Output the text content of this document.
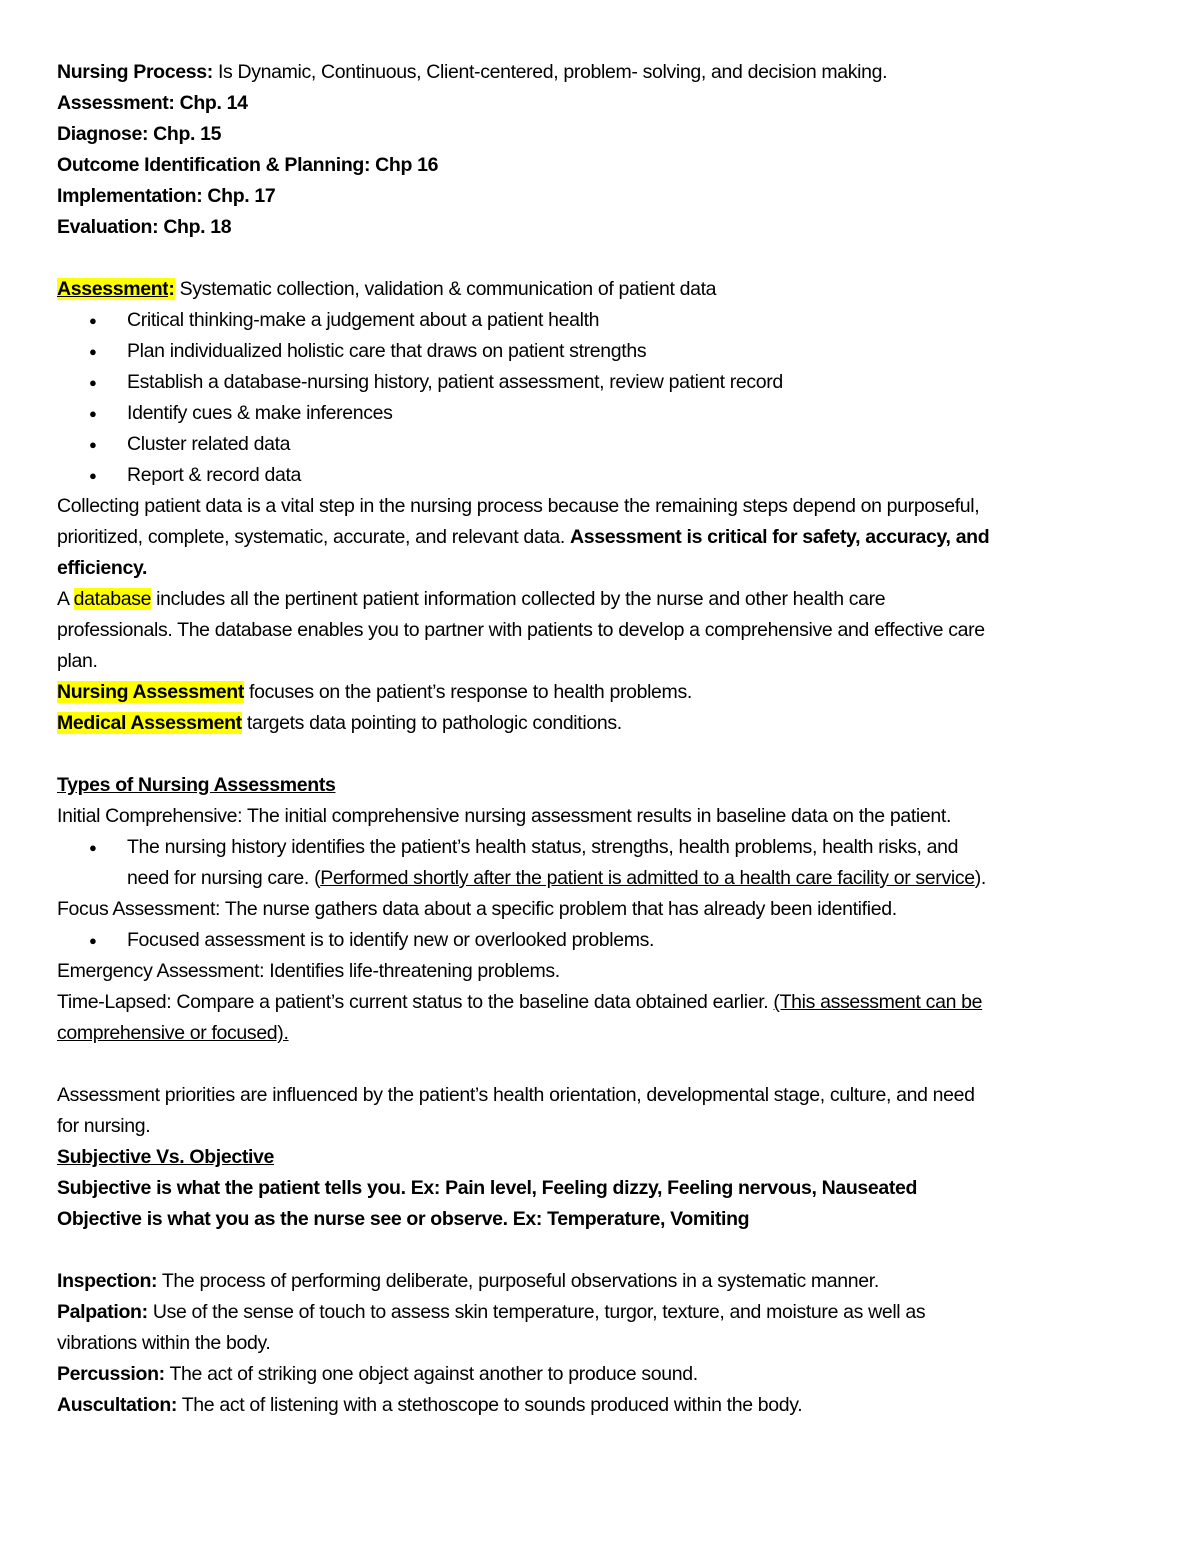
Nursing Process: Is Dynamic, Continuous, Client-centered, problem- solving, and decision making.
Assessment: Chp. 14
Diagnose: Chp. 15
Outcome Identification & Planning: Chp 16
Implementation: Chp. 17
Evaluation: Chp. 18
Assessment: Systematic collection, validation & communication of patient data
● Critical thinking-make a judgement about a patient health
● Plan individualized holistic care that draws on patient strengths
● Establish a database-nursing history, patient assessment, review patient record
● Identify cues & make inferences
● Cluster related data
● Report & record data
Collecting patient data is a vital step in the nursing process because the remaining steps depend on purposeful,
prioritized, complete, systematic, accurate, and relevant data. Assessment is critical for safety, accuracy, and
efficiency.
A database includes all the pertinent patient information collected by the nurse and other health care
professionals. The database enables you to partner with patients to develop a comprehensive and effective care
plan.
Nursing Assessment focuses on the patient’s response to health problems.
Medical Assessment targets data pointing to pathologic conditions.
Types of Nursing Assessments
Initial Comprehensive: The initial comprehensive nursing assessment results in baseline data on the patient.
● The nursing history identifies the patient’s health status, strengths, health problems, health risks, and
need for nursing care. (Performed shortly after the patient is admitted to a health care facility or service).
Focus Assessment: The nurse gathers data about a specific problem that has already been identified.
● Focused assessment is to identify new or overlooked problems.
Emergency Assessment: Identifies life-threatening problems.
Time-Lapsed: Compare a patient’s current status to the baseline data obtained earlier. (This assessment can be
comprehensive or focused).
Assessment priorities are influenced by the patient’s health orientation, developmental stage, culture, and need
for nursing.
Subjective Vs. Objective
Subjective is what the patient tells you. Ex: Pain level, Feeling dizzy, Feeling nervous, Nauseated
Objective is what you as the nurse see or observe. Ex: Temperature, Vomiting
Inspection: The process of performing deliberate, purposeful observations in a systematic manner.
Palpation: Use of the sense of touch to assess skin temperature, turgor, texture, and moisture as well as
vibrations within the body.
Percussion: The act of striking one object against another to produce sound.
Auscultation: The act of listening with a stethoscope to sounds produced within the body.
